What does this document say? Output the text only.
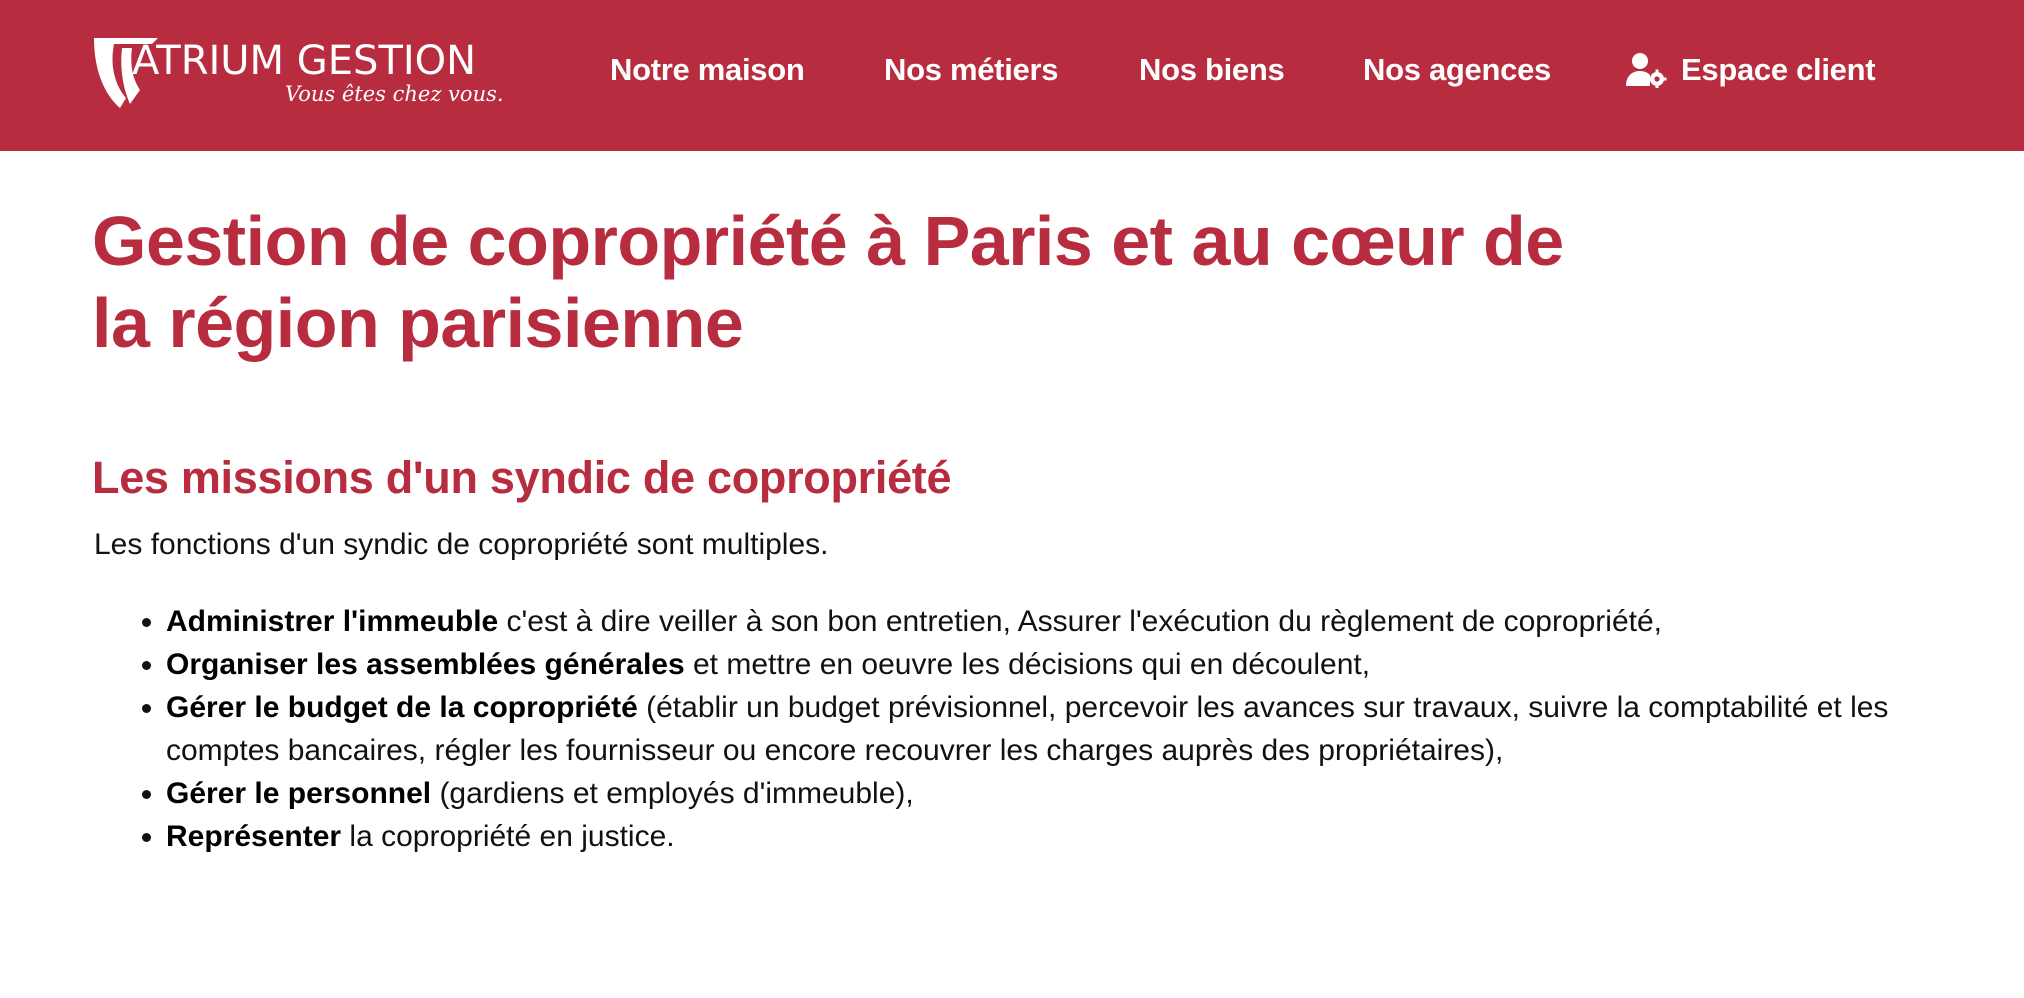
ATRIUM GESTION
Vous êtes chez vous.
Notre maison	Nos métiers	Nos biens	Nos agences	Espace client
Gestion de copropriété à Paris et au cœur de la région parisienne
Les missions d'un syndic de copropriété

Les fonctions d'un syndic de copropriété sont multiples.

• Administrer l'immeuble c'est à dire veiller à son bon entretien, Assurer l'exécution du règlement de copropriété,
• Organiser les assemblées générales et mettre en oeuvre les décisions qui en découlent,
• Gérer le budget de la copropriété (établir un budget prévisionnel, percevoir les avances sur travaux, suivre la comptabilité et les comptes bancaires, régler les fournisseur ou encore recouvrer les charges auprès des propriétaires),
• Gérer le personnel (gardiens et employés d'immeuble),
• Représenter la copropriété en justice.
